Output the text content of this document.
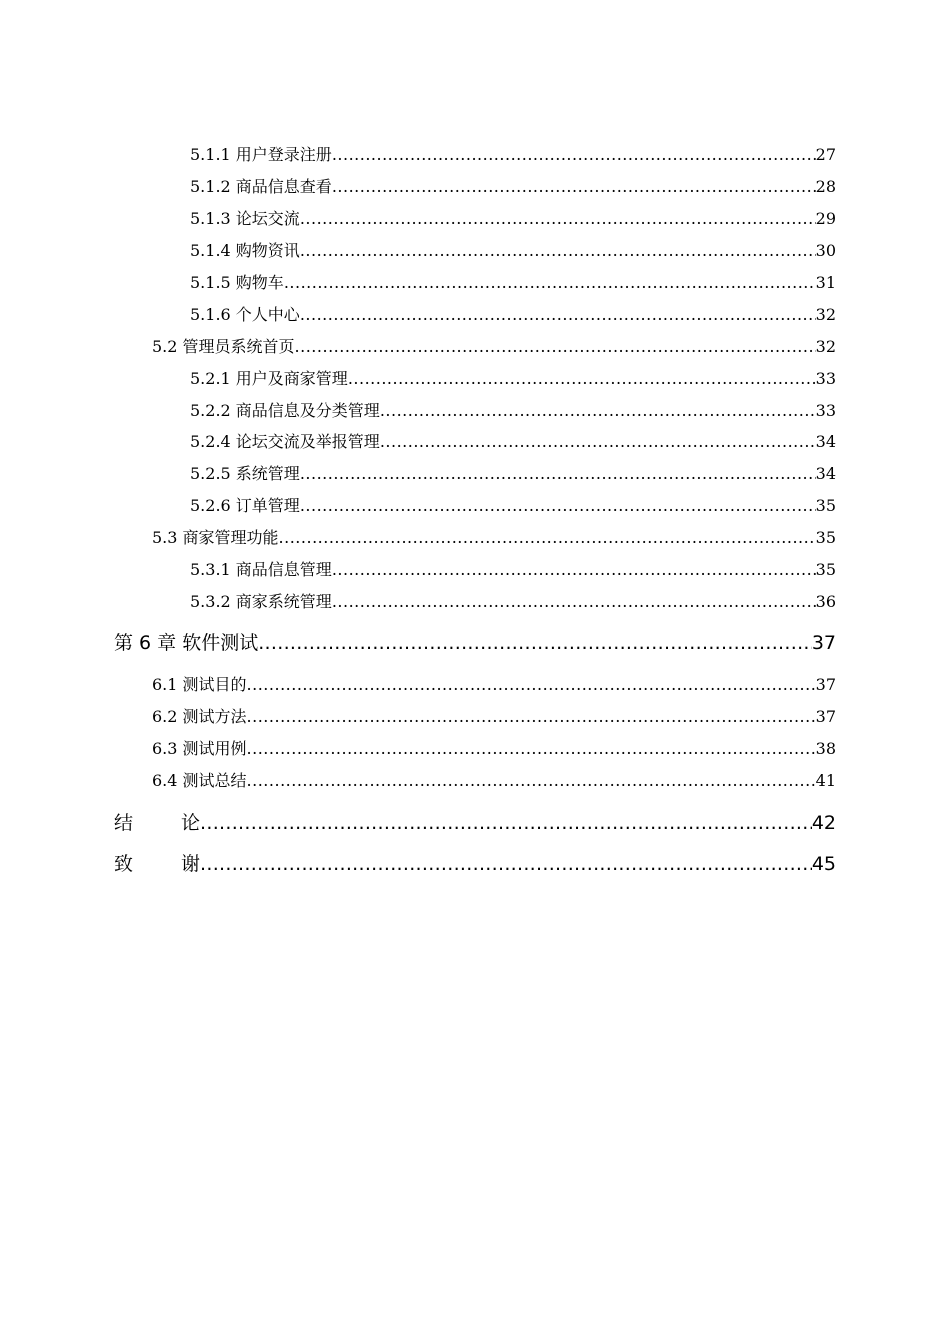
5.1.1 用户登录注册 .....	27
5.1.2 商品信息查看 .....	28
5.1.3 论坛交流 .....	29
5.1.4 购物资讯 .....	30
5.1.5 购物车 .....	31
5.1.6 个人中心 .....	32
5.2 管理员系统首页 .....	32
5.2.1 用户及商家管理 .....	33
5.2.2 商品信息及分类管理 .....	33
5.2.4 论坛交流及举报管理 .....	34
5.2.5 系统管理 .....	34
5.2.6 订单管理 .....	35
5.3 商家管理功能 .....	35
5.3.1 商品信息管理 .....	35
5.3.2 商家系统管理 .....	36
第 6 章 软件测试 .....	37
6.1 测试目的 .....	37
6.2 测试方法 .....	37
6.3 测试用例 .....	38
6.4 测试总结 .....	41
结	论 .....	42
致	谢 .....	45
